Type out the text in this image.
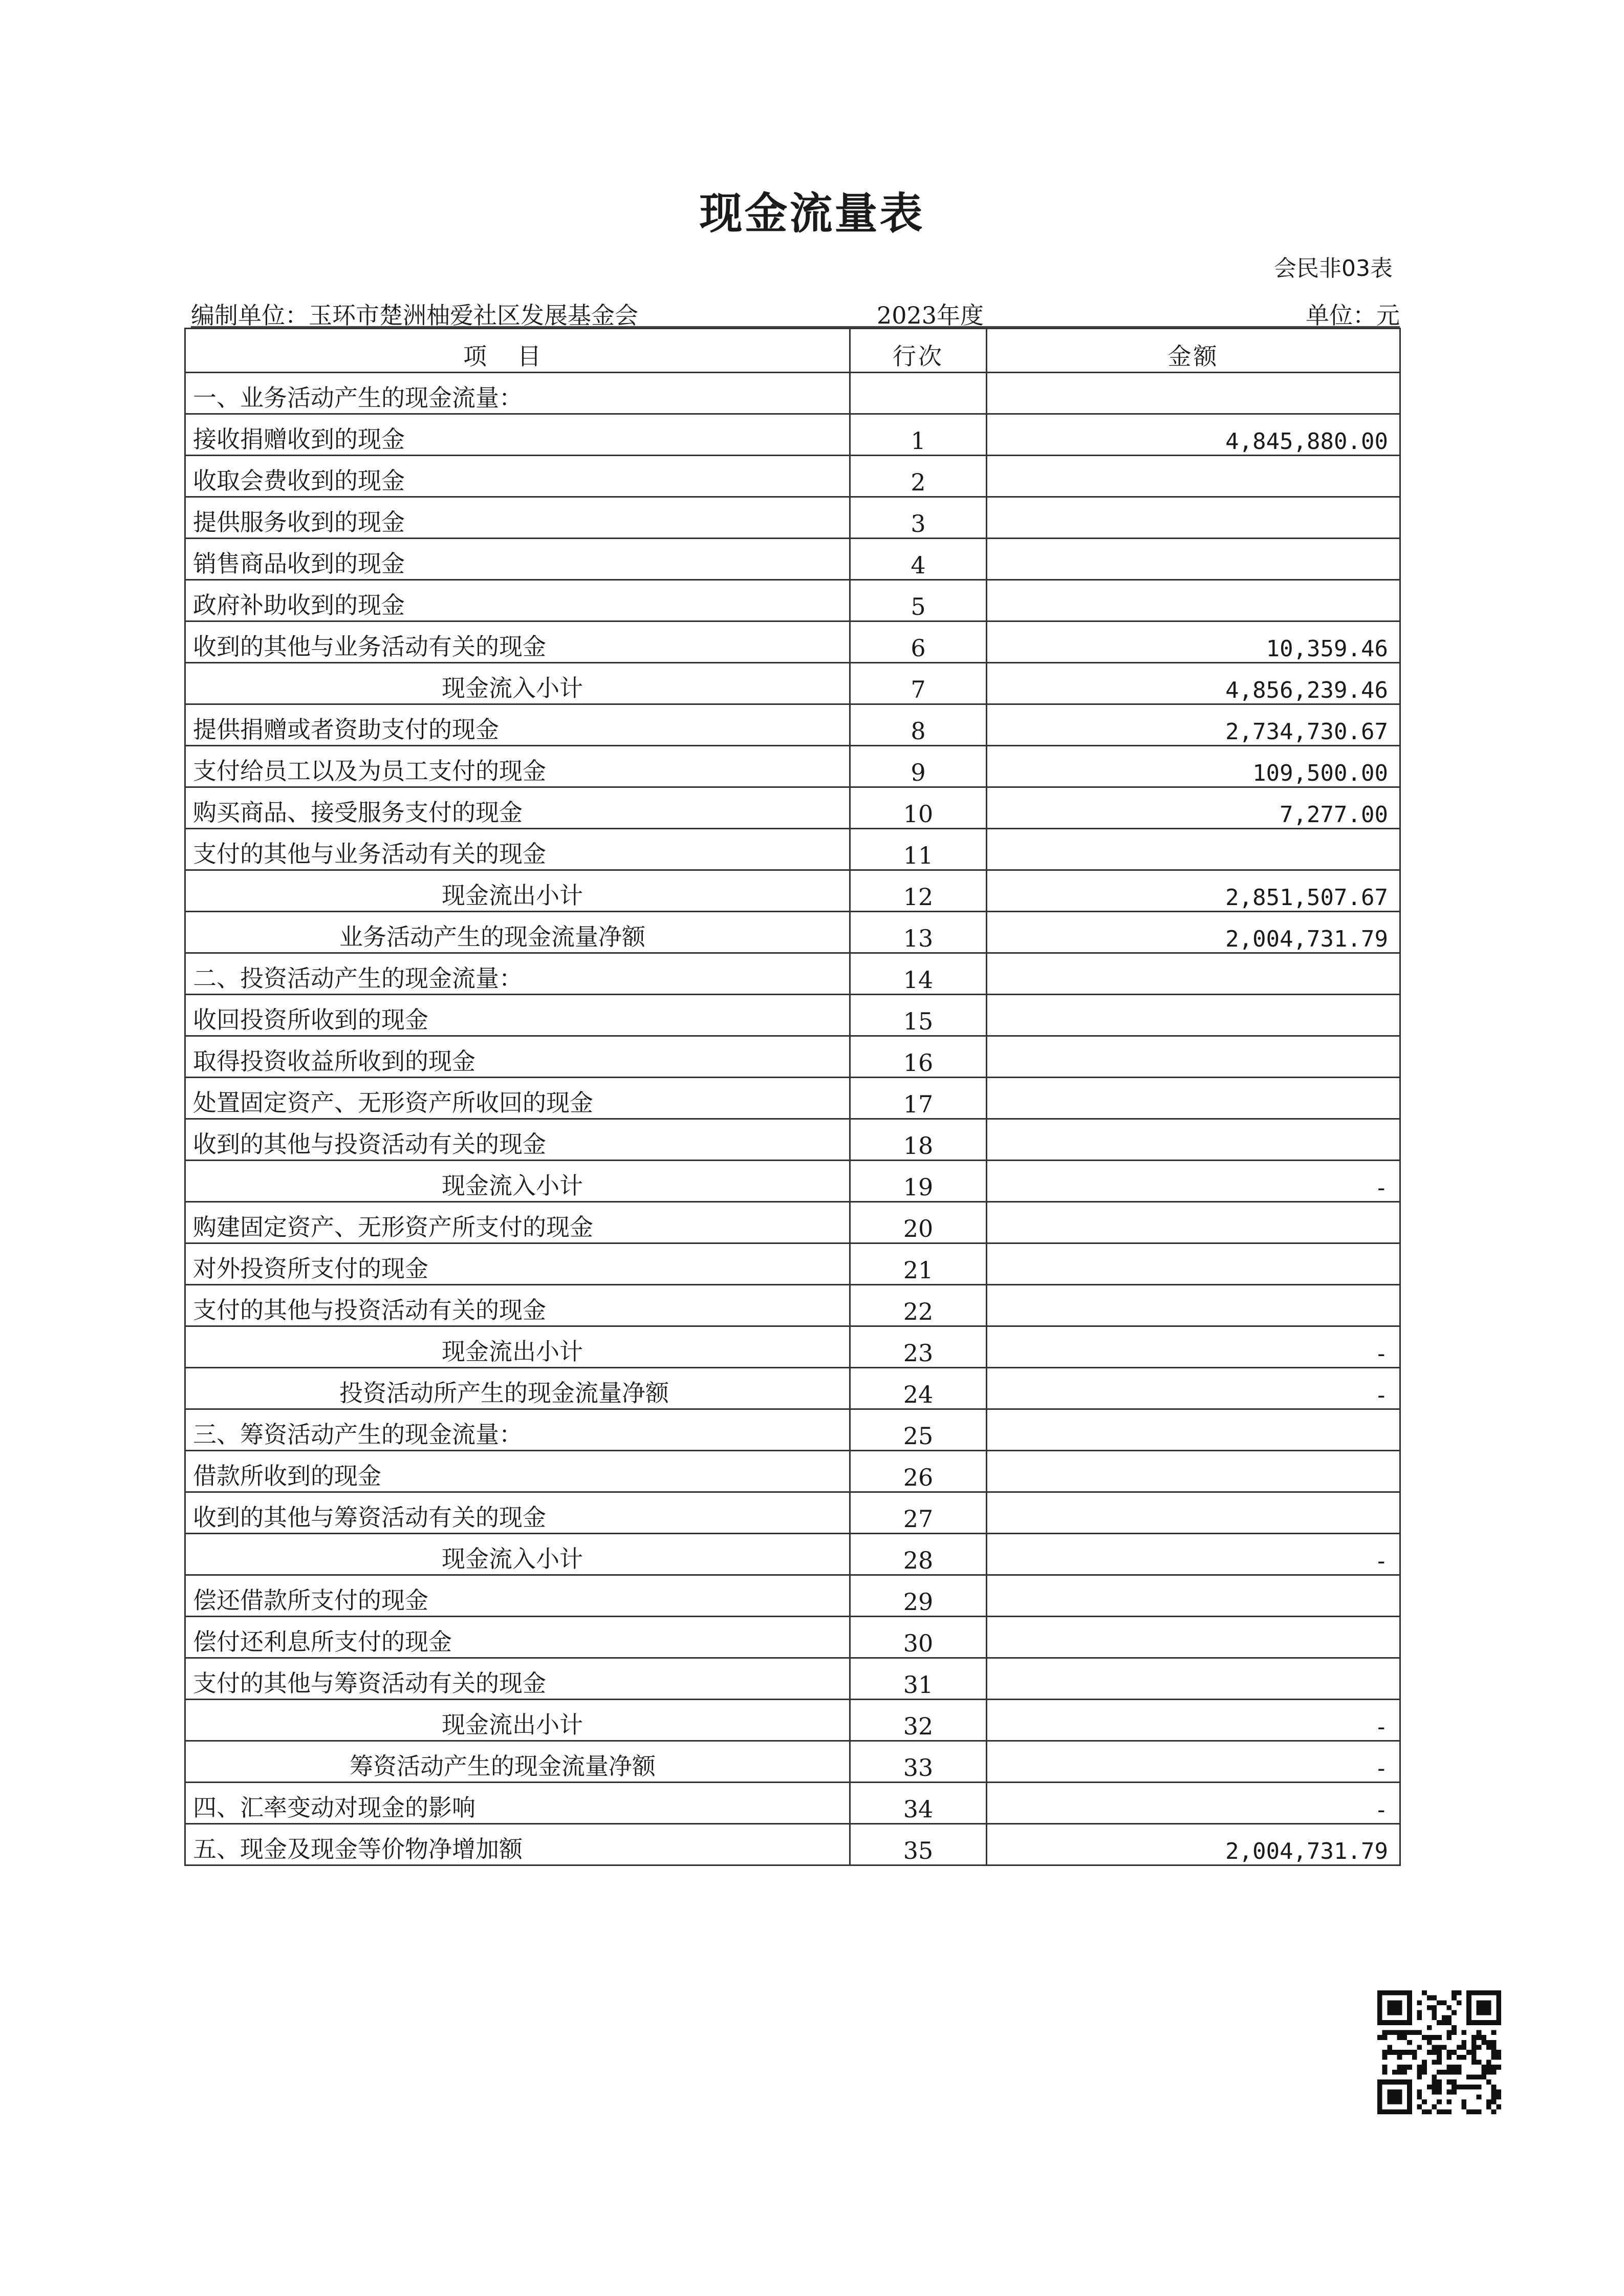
现金流量表
会民非03表
编制单位：玉环市楚洲柚爱社区发展基金会	2023年度	单位：元
项目	行次	金额
一、业务活动产生的现金流量：		
接收捐赠收到的现金	1	4,845,880.00
收取会费收到的现金	2	
提供服务收到的现金	3	
销售商品收到的现金	4	
政府补助收到的现金	5	
收到的其他与业务活动有关的现金	6	10,359.46
现金流入小计	7	4,856,239.46
提供捐赠或者资助支付的现金	8	2,734,730.67
支付给员工以及为员工支付的现金	9	109,500.00
购买商品、接受服务支付的现金	10	7,277.00
支付的其他与业务活动有关的现金	11	
现金流出小计	12	2,851,507.67
业务活动产生的现金流量净额	13	2,004,731.79
二、投资活动产生的现金流量：	14	
收回投资所收到的现金	15	
取得投资收益所收到的现金	16	
处置固定资产、无形资产所收回的现金	17	
收到的其他与投资活动有关的现金	18	
现金流入小计	19	-
购建固定资产、无形资产所支付的现金	20	
对外投资所支付的现金	21	
支付的其他与投资活动有关的现金	22	
现金流出小计	23	-
投资活动所产生的现金流量净额	24	-
三、筹资活动产生的现金流量：	25	
借款所收到的现金	26	
收到的其他与筹资活动有关的现金	27	
现金流入小计	28	-
偿还借款所支付的现金	29	
偿付还利息所支付的现金	30	
支付的其他与筹资活动有关的现金	31	
现金流出小计	32	-
筹资活动产生的现金流量净额	33	-
四、汇率变动对现金的影响	34	-
五、现金及现金等价物净增加额	35	2,004,731.79
